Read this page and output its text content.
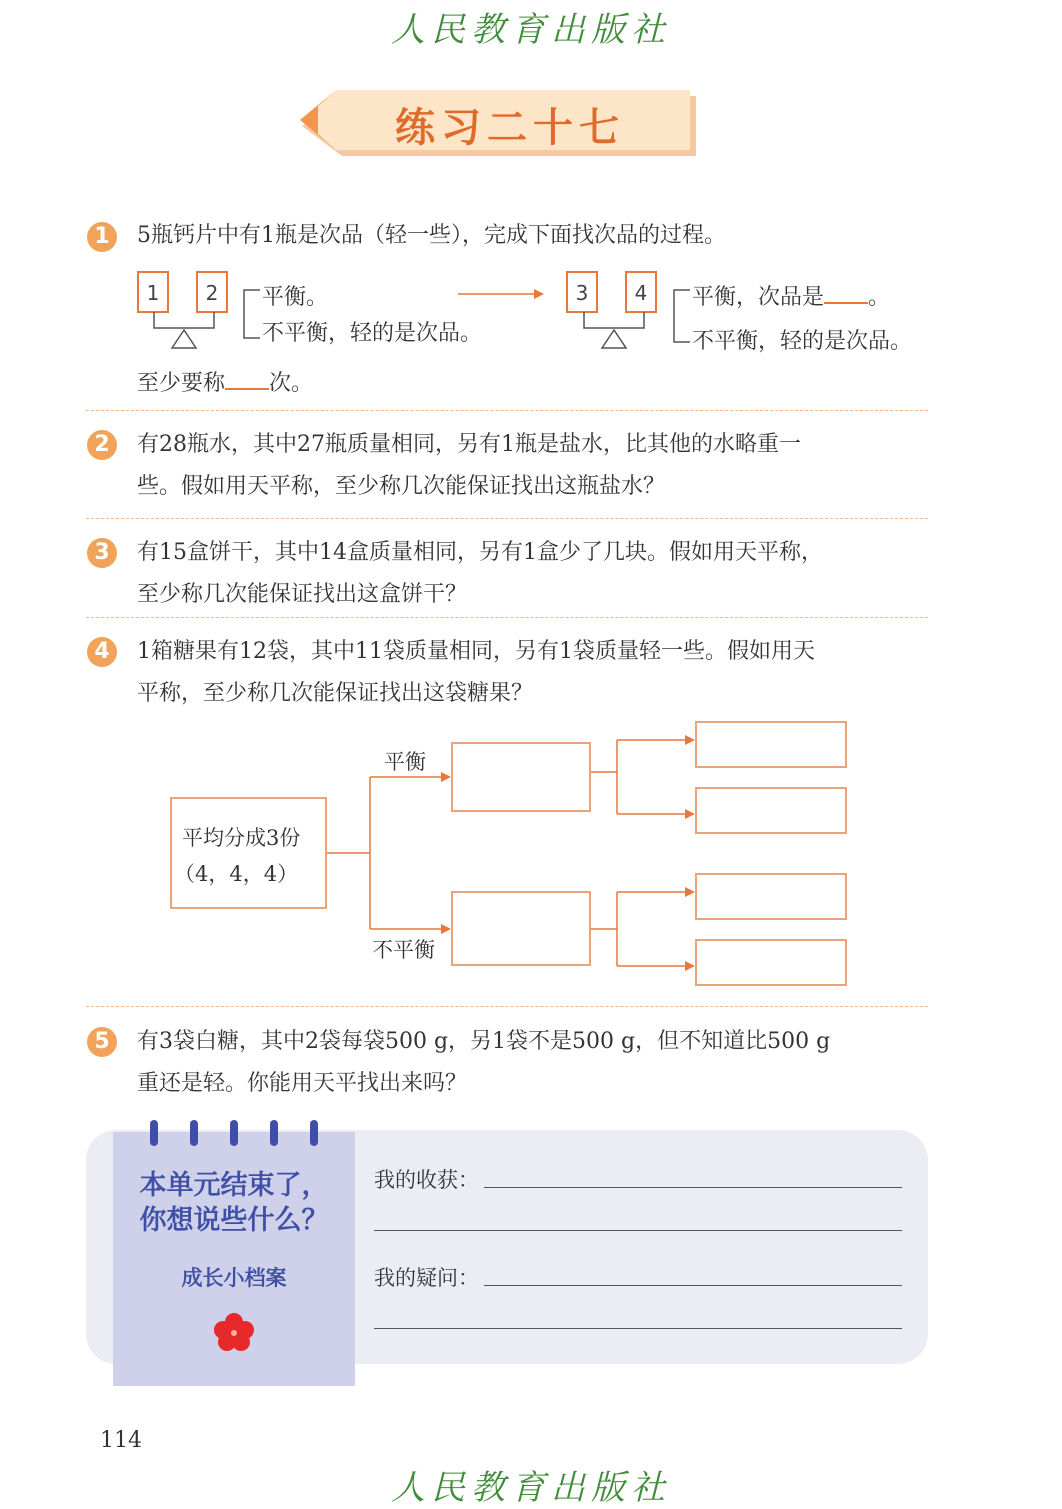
人民教育出版社
练习二十七
1	5瓶钙片中有1瓶是次品（轻一些），完成下面找次品的过程。
1	2	平衡。
不平衡，轻的是次品。
3	4	平衡，次品是 。
不平衡，轻的是次品。
至少要称 次。
2	有28瓶水，其中27瓶质量相同，另有1瓶是盐水，比其他的水略重一
些。假如用天平称，至少称几次能保证找出这瓶盐水？
3	有15盒饼干，其中14盒质量相同，另有1盒少了几块。假如用天平称，
至少称几次能保证找出这盒饼干？
4	1箱糖果有12袋，其中11袋质量相同，另有1袋质量轻一些。假如用天
平称，至少称几次能保证找出这袋糖果？
平均分成3份
（4，4，4）
平衡
不平衡
5	有3袋白糖，其中2袋每袋500 g，另1袋不是500 g，但不知道比500 g
重还是轻。你能用天平找出来吗？
本单元结束了，
你想说些什么？
成长小档案
我的收获：
我的疑问：
114
人民教育出版社
